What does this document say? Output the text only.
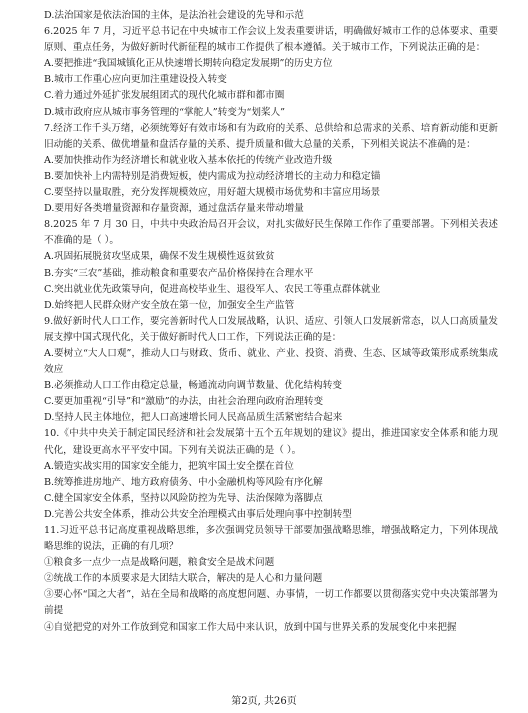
D.法治国家是依法治国的主体，是法治社会建设的先导和示范

6.2025 年 7 月，习近平总书记在中央城市工作会议上发表重要讲话，明确做好城市工作的总体要求、重要原则、重点任务，为做好新时代新征程的城市工作提供了根本遵循。关于城市工作，下列说法正确的是：

A.要把推进“我国城镇化正从快速增长期转向稳定发展期”的历史方位

B.城市工作重心应向更加注重建设投入转变

C.着力通过外延扩张发展组团式的现代化城市群和都市圈

D.城市政府应从城市事务管理的“掌舵人”转变为“划桨人”

7.经济工作千头万绪，必须统筹好有效市场和有为政府的关系、总供给和总需求的关系、培育新动能和更新旧动能的关系、做优增量和盘活存量的关系、提升质量和做大总量的关系，下列相关说法不准确的是：

A.要加快推动作为经济增长和就业收入基本依托的传统产业改造升级

B.要加快补上内需特别是消费短板，使内需成为拉动经济增长的主动力和稳定锚

C.要坚持以量取胜，充分发挥规模效应，用好超大规模市场优势和丰富应用场景

D.要用好各类增量资源和存量资源，通过盘活存量来带动增量

8.2025 年 7 月 30 日，中共中央政治局召开会议，对扎实做好民生保障工作作了重要部署。下列相关表述不准确的是（ ）。

A.巩固拓展脱贫攻坚成果，确保不发生规模性返贫致贫

B.夯实“三农”基础，推动粮食和重要农产品价格保持在合理水平

C.突出就业优先政策导向，促进高校毕业生、退役军人、农民工等重点群体就业

D.始终把人民群众财产安全放在第一位，加强安全生产监管

9.做好新时代人口工作，要完善新时代人口发展战略，认识、适应、引领人口发展新常态，以人口高质量发展支撑中国式现代化，关于做好新时代人口工作，下列说法正确的是：

A.要树立“大人口观”，推动人口与财政、货币、就业、产业、投资、消费、生态、区域等政策形成系统集成效应

B.必须推动人口工作由稳定总量，畅通流动向调节数量、优化结构转变

C.要更加重视“引导”和“激励”的办法，由社会治理向政府治理转变

D.坚持人民主体地位，把人口高速增长同人民高品质生活紧密结合起来

10.《中共中央关于制定国民经济和社会发展第十五个五年规划的建议》提出，推进国家安全体系和能力现代化，建设更高水平平安中国。下列有关说法正确的是（ ）。

A.锻造实战实用的国家安全能力，把筑牢国土安全摆在首位

B.统筹推进房地产、地方政府债务、中小金融机构等风险有序化解

C.健全国家安全体系，坚持以风险防控为先导、法治保障为落脚点

D.完善公共安全体系，推动公共安全治理模式由事后处理向事中控制转型

11.习近平总书记高度重视战略思维，多次强调党员领导干部要加强战略思维，增强战略定力，下列体现战略思维的说法，正确的有几项？

①粮食多一点少一点是战略问题，粮食安全是战术问题

②统战工作的本质要求是大团结大联合，解决的是人心和力量问题

③要心怀“国之大者”，站在全局和战略的高度想问题、办事情，一切工作都要以贯彻落实党中央决策部署为前提

④自觉把党的对外工作放到党和国家工作大局中来认识，放到中国与世界关系的发展变化中来把握

第2页, 共26页
